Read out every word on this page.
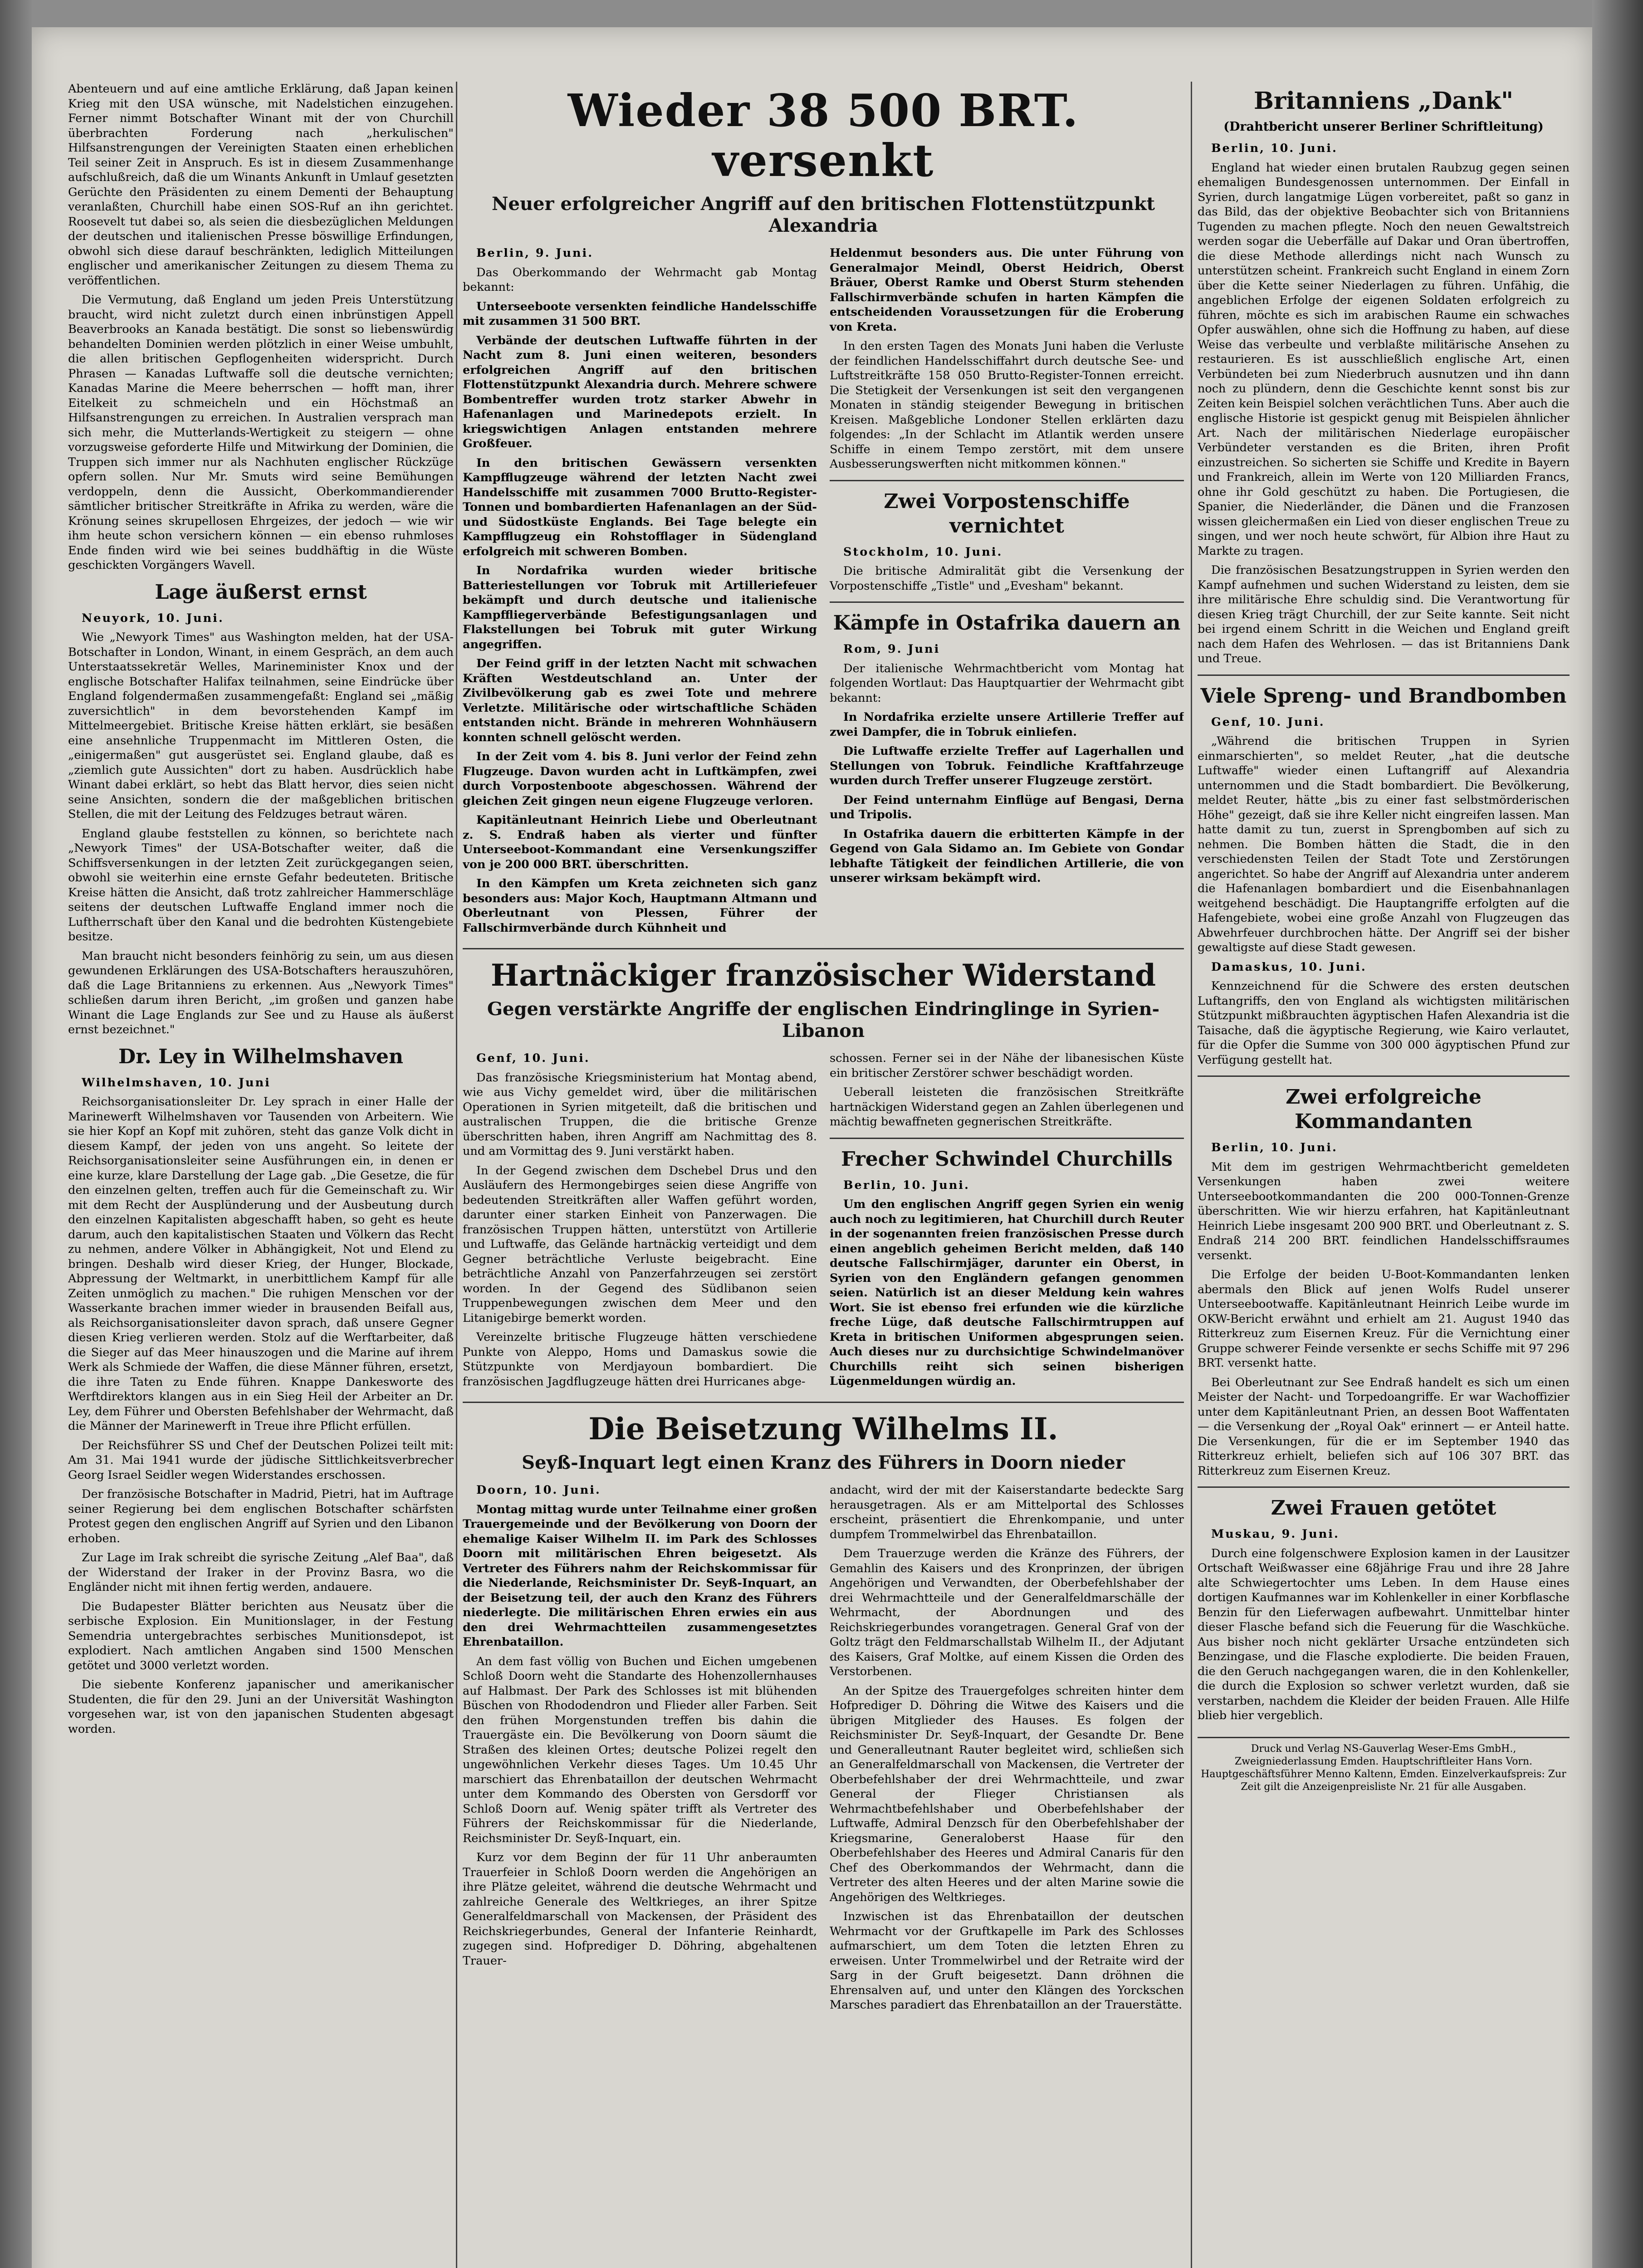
Abenteuern und auf eine amtliche Erklärung, daß Japan keinen Krieg mit den USA wünsche, mit Nadelstichen einzugehen. Ferner nimmt Botschafter Winant mit der von Churchill überbrachten Forderung nach „herkulischen" Hilfsanstrengungen der Vereinigten Staaten einen erheblichen Teil seiner Zeit in Anspruch. Es ist in diesem Zusammenhange aufschlußreich, daß die um Winants Ankunft in Umlauf gesetzten Gerüchte den Präsidenten zu einem Dementi der Behauptung veranlaßten, Churchill habe einen SOS-Ruf an ihn gerichtet. Roosevelt tut dabei so, als seien die diesbezüglichen Meldungen der deutschen und italienischen Presse böswillige Erfindungen, obwohl sich diese darauf beschränkten, lediglich Mitteilungen englischer und amerikanischer Zeitungen zu diesem Thema zu veröffentlichen.

Die Vermutung, daß England um jeden Preis Unterstützung braucht, wird nicht zuletzt durch einen inbrünstigen Appell Beaverbrooks an Kanada bestätigt. Die sonst so liebenswürdig behandelten Dominien werden plötzlich in einer Weise umbuhlt, die allen britischen Gepflogenheiten widerspricht. Durch Phrasen — Kanadas Luftwaffe soll die deutsche vernichten; Kanadas Marine die Meere beherrschen — hofft man, ihrer Eitelkeit zu schmeicheln und ein Höchstmaß an Hilfsanstrengungen zu erreichen. In Australien versprach man sich mehr, die Mutterlands-Wertigkeit zu steigern — ohne vorzugsweise geforderte Hilfe und Mitwirkung der Dominien, die Truppen sich immer nur als Nachhuten englischer Rückzüge opfern sollen. Nur Mr. Smuts wird seine Bemühungen verdoppeln, denn die Aussicht, Oberkommandierender sämtlicher britischer Streitkräfte in Afrika zu werden, wäre die Krönung seines skrupellosen Ehrgeizes, der jedoch — wie wir ihm heute schon versichern können — ein ebenso ruhmloses Ende finden wird wie bei seines buddhäftig in die Wüste geschickten Vorgängers Wavell.

Lage äußerst ernst

Neuyork, 10. Juni.

Wie „Newyork Times" aus Washington melden, hat der USA-Botschafter in London, Winant, in einem Gespräch, an dem auch Unterstaatssekretär Welles, Marineminister Knox und der englische Botschafter Halifax teilnahmen, seine Eindrücke über England folgendermaßen zusammengefaßt: England sei „mäßig zuversichtlich" in dem bevorstehenden Kampf im Mittelmeergebiet. Britische Kreise hätten erklärt, sie besäßen eine ansehnliche Truppenmacht im Mittleren Osten, die „einigermaßen" gut ausgerüstet sei. England glaube, daß es „ziemlich gute Aussichten" dort zu haben. Ausdrücklich habe Winant dabei erklärt, so hebt das Blatt hervor, dies seien nicht seine Ansichten, sondern die der maßgeblichen britischen Stellen, die mit der Leitung des Feldzuges betraut wären.

England glaube feststellen zu können, so berichtete nach „Newyork Times" der USA-Botschafter weiter, daß die Schiffsversenkungen in der letzten Zeit zurückgegangen seien, obwohl sie weiterhin eine ernste Gefahr bedeuteten. Britische Kreise hätten die Ansicht, daß trotz zahlreicher Hammerschläge seitens der deutschen Luftwaffe England immer noch die Luftherrschaft über den Kanal und die bedrohten Küstengebiete besitze.

Man braucht nicht besonders feinhörig zu sein, um aus diesen gewundenen Erklärungen des USA-Botschafters herauszuhören, daß die Lage Britanniens zu erkennen. Aus „Newyork Times" schließen darum ihren Bericht, „im großen und ganzen habe Winant die Lage Englands zur See und zu Hause als äußerst ernst bezeichnet."

Dr. Ley in Wilhelmshaven

Wilhelmshaven, 10. Juni

Reichsorganisationsleiter Dr. Ley sprach in einer Halle der Marinewerft Wilhelmshaven vor Tausenden von Arbeitern. Wie sie hier Kopf an Kopf mit zuhören, steht das ganze Volk dicht in diesem Kampf, der jeden von uns angeht. So leitete der Reichsorganisationsleiter seine Ausführungen ein, in denen er eine kurze, klare Darstellung der Lage gab. „Die Gesetze, die für den einzelnen gelten, treffen auch für die Gemeinschaft zu. Wir mit dem Recht der Ausplünderung und der Ausbeutung durch den einzelnen Kapitalisten abgeschafft haben, so geht es heute darum, auch den kapitalistischen Staaten und Völkern das Recht zu nehmen, andere Völker in Abhängigkeit, Not und Elend zu bringen. Deshalb wird dieser Krieg, der Hunger, Blockade, Abpressung der Weltmarkt, in unerbittlichem Kampf für alle Zeiten unmöglich zu machen." Die ruhigen Menschen vor der Wasserkante brachen immer wieder in brausenden Beifall aus, als Reichsorganisationsleiter davon sprach, daß unsere Gegner diesen Krieg verlieren werden. Stolz auf die Werftarbeiter, daß die Sieger auf das Meer hinauszogen und die Marine auf ihrem Werk als Schmiede der Waffen, die diese Männer führen, ersetzt, die ihre Taten zu Ende führen. Knappe Dankesworte des Werftdirektors klangen aus in ein Sieg Heil der Arbeiter an Dr. Ley, dem Führer und Obersten Befehlshaber der Wehrmacht, daß die Männer der Marinewerft in Treue ihre Pflicht erfüllen.

Der Reichsführer SS und Chef der Deutschen Polizei teilt mit: Am 31. Mai 1941 wurde der jüdische Sittlichkeitsverbrecher Georg Israel Seidler wegen Widerstandes erschossen.

Der französische Botschafter in Madrid, Pietri, hat im Auftrage seiner Regierung bei dem englischen Botschafter schärfsten Protest gegen den englischen Angriff auf Syrien und den Libanon erhoben.

Zur Lage im Irak schreibt die syrische Zeitung „Alef Baa", daß der Widerstand der Iraker in der Provinz Basra, wo die Engländer nicht mit ihnen fertig werden, andauere.

Die Budapester Blätter berichten aus Neusatz über die serbische Explosion. Ein Munitionslager, in der Festung Semendria untergebrachtes serbisches Munitionsdepot, ist explodiert. Nach amtlichen Angaben sind 1500 Menschen getötet und 3000 verletzt worden.

Die siebente Konferenz japanischer und amerikanischer Studenten, die für den 29. Juni an der Universität Washington vorgesehen war, ist von den japanischen Studenten abgesagt worden.

Wieder 38 500 BRT. versenkt
Neuer erfolgreicher Angriff auf den britischen Flottenstützpunkt Alexandria

Berlin, 9. Juni.

Das Oberkommando der Wehrmacht gab Montag bekannt:

Unterseeboote versenkten feindliche Handelsschiffe mit zusammen 31 500 BRT.

Verbände der deutschen Luftwaffe führten in der Nacht zum 8. Juni einen weiteren, besonders erfolgreichen Angriff auf den britischen Flottenstützpunkt Alexandria durch. Mehrere schwere Bombentreffer wurden trotz starker Abwehr in Hafenanlagen und Marinedepots erzielt. In kriegswichtigen Anlagen entstanden mehrere Großfeuer.

In den britischen Gewässern versenkten Kampfflugzeuge während der letzten Nacht zwei Handelsschiffe mit zusammen 7000 Brutto-Register-Tonnen und bombardierten Hafenanlagen an der Süd- und Südostküste Englands. Bei Tage belegte ein Kampfflugzeug ein Rohstofflager in Südengland erfolgreich mit schweren Bomben.

In Nordafrika wurden wieder britische Batteriestellungen vor Tobruk mit Artilleriefeuer bekämpft und durch deutsche und italienische Kampffliegerverbände Befestigungsanlagen und Flakstellungen bei Tobruk mit guter Wirkung angegriffen.

Der Feind griff in der letzten Nacht mit schwachen Kräften Westdeutschland an. Unter der Zivilbevölkerung gab es zwei Tote und mehrere Verletzte. Militärische oder wirtschaftliche Schäden entstanden nicht. Brände in mehreren Wohnhäusern konnten schnell gelöscht werden.

In der Zeit vom 4. bis 8. Juni verlor der Feind zehn Flugzeuge. Davon wurden acht in Luftkämpfen, zwei durch Vorpostenboote abgeschossen. Während der gleichen Zeit gingen neun eigene Flugzeuge verloren.

Kapitänleutnant Heinrich Liebe und Oberleutnant z. S. Endraß haben als vierter und fünfter Unterseeboot-Kommandant eine Versenkungsziffer von je 200 000 BRT. überschritten.

In den Kämpfen um Kreta zeichneten sich ganz besonders aus: Major Koch, Hauptmann Altmann und Oberleutnant von Plessen, Führer der Fallschirmverbände durch Kühnheit und

Heldenmut besonders aus. Die unter Führung von Generalmajor Meindl, Oberst Heidrich, Oberst Bräuer, Oberst Ramke und Oberst Sturm stehenden Fallschirmverbände schufen in harten Kämpfen die entscheidenden Voraussetzungen für die Eroberung von Kreta.

In den ersten Tagen des Monats Juni haben die Verluste der feindlichen Handelsschiffahrt durch deutsche See- und Luftstreitkräfte 158 050 Brutto-Register-Tonnen erreicht. Die Stetigkeit der Versenkungen ist seit den vergangenen Monaten in ständig steigender Bewegung in britischen Kreisen. Maßgebliche Londoner Stellen erklärten dazu folgendes: „In der Schlacht im Atlantik werden unsere Schiffe in einem Tempo zerstört, mit dem unsere Ausbesserungswerften nicht mitkommen können."

Zwei Vorpostenschiffe vernichtet

Stockholm, 10. Juni.

Die britische Admiralität gibt die Versenkung der Vorpostenschiffe „Tistle" und „Evesham" bekannt.

Kämpfe in Ostafrika dauern an

Rom, 9. Juni

Der italienische Wehrmachtbericht vom Montag hat folgenden Wortlaut: Das Hauptquartier der Wehrmacht gibt bekannt:

In Nordafrika erzielte unsere Artillerie Treffer auf zwei Dampfer, die in Tobruk einliefen.

Die Luftwaffe erzielte Treffer auf Lagerhallen und Stellungen von Tobruk. Feindliche Kraftfahrzeuge wurden durch Treffer unserer Flugzeuge zerstört.

Der Feind unternahm Einflüge auf Bengasi, Derna und Tripolis.

In Ostafrika dauern die erbitterten Kämpfe in der Gegend von Gala Sidamo an. Im Gebiete von Gondar lebhafte Tätigkeit der feindlichen Artillerie, die von unserer wirksam bekämpft wird.

Hartnäckiger französischer Widerstand
Gegen verstärkte Angriffe der englischen Eindringlinge in Syrien-Libanon

Genf, 10. Juni.

Das französische Kriegsministerium hat Montag abend, wie aus Vichy gemeldet wird, über die militärischen Operationen in Syrien mitgeteilt, daß die britischen und australischen Truppen, die die britische Grenze überschritten haben, ihren Angriff am Nachmittag des 8. und am Vormittag des 9. Juni verstärkt haben.

In der Gegend zwischen dem Dschebel Drus und den Ausläufern des Hermongebirges seien diese Angriffe von bedeutenden Streitkräften aller Waffen geführt worden, darunter einer starken Einheit von Panzerwagen. Die französischen Truppen hätten, unterstützt von Artillerie und Luftwaffe, das Gelände hartnäckig verteidigt und dem Gegner beträchtliche Verluste beigebracht. Eine beträchtliche Anzahl von Panzerfahrzeugen sei zerstört worden. In der Gegend des Südlibanon seien Truppenbewegungen zwischen dem Meer und den Litanigebirge bemerkt worden.

Vereinzelte britische Flugzeuge hätten verschiedene Punkte von Aleppo, Homs und Damaskus sowie die Stützpunkte von Merdjayoun bombardiert. Die französischen Jagdflugzeuge hätten drei Hurricanes abge-

schossen. Ferner sei in der Nähe der libanesischen Küste ein britischer Zerstörer schwer beschädigt worden.

Ueberall leisteten die französischen Streitkräfte hartnäckigen Widerstand gegen an Zahlen überlegenen und mächtig bewaffneten gegnerischen Streitkräfte.

Frecher Schwindel Churchills

Berlin, 10. Juni.

Um den englischen Angriff gegen Syrien ein wenig auch noch zu legitimieren, hat Churchill durch Reuter in der sogenannten freien französischen Presse durch einen angeblich geheimen Bericht melden, daß 140 deutsche Fallschirmjäger, darunter ein Oberst, in Syrien von den Engländern gefangen genommen seien. Natürlich ist an dieser Meldung kein wahres Wort. Sie ist ebenso frei erfunden wie die kürzliche freche Lüge, daß deutsche Fallschirmtruppen auf Kreta in britischen Uniformen abgesprungen seien. Auch dieses nur zu durchsichtige Schwindelmanöver Churchills reiht sich seinen bisherigen Lügenmeldungen würdig an.

Die Beisetzung Wilhelms II.
Seyß-Inquart legt einen Kranz des Führers in Doorn nieder

Doorn, 10. Juni.

Montag mittag wurde unter Teilnahme einer großen Trauergemeinde und der Bevölkerung von Doorn der ehemalige Kaiser Wilhelm II. im Park des Schlosses Doorn mit militärischen Ehren beigesetzt. Als Vertreter des Führers nahm der Reichskommissar für die Niederlande, Reichsminister Dr. Seyß-Inquart, an der Beisetzung teil, der auch den Kranz des Führers niederlegte. Die militärischen Ehren erwies ein aus den drei Wehrmachtteilen zusammengesetztes Ehrenbataillon.

An dem fast völlig von Buchen und Eichen umgebenen Schloß Doorn weht die Standarte des Hohenzollernhauses auf Halbmast. Der Park des Schlosses ist mit blühenden Büschen von Rhododendron und Flieder aller Farben. Seit den frühen Morgenstunden treffen bis dahin die Trauergäste ein. Die Bevölkerung von Doorn säumt die Straßen des kleinen Ortes; deutsche Polizei regelt den ungewöhnlichen Verkehr dieses Tages. Um 10.45 Uhr marschiert das Ehrenbataillon der deutschen Wehrmacht unter dem Kommando des Obersten von Gersdorff vor Schloß Doorn auf. Wenig später trifft als Vertreter des Führers der Reichskommissar für die Niederlande, Reichsminister Dr. Seyß-Inquart, ein.

Kurz vor dem Beginn der für 11 Uhr anberaumten Trauerfeier in Schloß Doorn werden die Angehörigen an ihre Plätze geleitet, während die deutsche Wehrmacht und zahlreiche Generale des Weltkrieges, an ihrer Spitze Generalfeldmarschall von Mackensen, der Präsident des Reichskriegerbundes, General der Infanterie Reinhardt, zugegen sind. Hofprediger D. Döhring, abgehaltenen Trauer-

andacht, wird der mit der Kaiserstandarte bedeckte Sarg herausgetragen. Als er am Mittelportal des Schlosses erscheint, präsentiert die Ehrenkompanie, und unter dumpfem Trommelwirbel das Ehrenbataillon.

Dem Trauerzuge werden die Kränze des Führers, der Gemahlin des Kaisers und des Kronprinzen, der übrigen Angehörigen und Verwandten, der Oberbefehlshaber der drei Wehrmachtteile und der Generalfeldmarschälle der Wehrmacht, der Abordnungen und des Reichskriegerbundes vorangetragen. General Graf von der Goltz trägt den Feldmarschallstab Wilhelm II., der Adjutant des Kaisers, Graf Moltke, auf einem Kissen die Orden des Verstorbenen.

An der Spitze des Trauergefolges schreiten hinter dem Hofprediger D. Döhring die Witwe des Kaisers und die übrigen Mitglieder des Hauses. Es folgen der Reichsminister Dr. Seyß-Inquart, der Gesandte Dr. Bene und Generalleutnant Rauter begleitet wird, schließen sich an Generalfeldmarschall von Mackensen, die Vertreter der Oberbefehlshaber der drei Wehrmachtteile, und zwar General der Flieger Christiansen als Wehrmachtbefehlshaber und Oberbefehlshaber der Luftwaffe, Admiral Denzsch für den Oberbefehlshaber der Kriegsmarine, Generaloberst Haase für den Oberbefehlshaber des Heeres und Admiral Canaris für den Chef des Oberkommandos der Wehrmacht, dann die Vertreter des alten Heeres und der alten Marine sowie die Angehörigen des Weltkrieges.

Inzwischen ist das Ehrenbataillon der deutschen Wehrmacht vor der Gruftkapelle im Park des Schlosses aufmarschiert, um dem Toten die letzten Ehren zu erweisen. Unter Trommelwirbel und der Retraite wird der Sarg in der Gruft beigesetzt. Dann dröhnen die Ehrensalven auf, und unter den Klängen des Yorckschen Marsches paradiert das Ehrenbataillon an der Trauerstätte.

Britanniens „Dank"
(Drahtbericht unserer Berliner Schriftleitung)

Berlin, 10. Juni.

England hat wieder einen brutalen Raubzug gegen seinen ehemaligen Bundesgenossen unternommen. Der Einfall in Syrien, durch langatmige Lügen vorbereitet, paßt so ganz in das Bild, das der objektive Beobachter sich von Britanniens Tugenden zu machen pflegte. Noch den neuen Gewaltstreich werden sogar die Ueberfälle auf Dakar und Oran übertroffen, die diese Methode allerdings nicht nach Wunsch zu unterstützen scheint. Frankreich sucht England in einem Zorn über die Kette seiner Niederlagen zu führen. Unfähig, die angeblichen Erfolge der eigenen Soldaten erfolgreich zu führen, möchte es sich im arabischen Raume ein schwaches Opfer auswählen, ohne sich die Hoffnung zu haben, auf diese Weise das verbeulte und verblaßte militärische Ansehen zu restaurieren. Es ist ausschließlich englische Art, einen Verbündeten bei zum Niederbruch ausnutzen und ihn dann noch zu plündern, denn die Geschichte kennt sonst bis zur Zeiten kein Beispiel solchen verächtlichen Tuns. Aber auch die englische Historie ist gespickt genug mit Beispielen ähnlicher Art. Nach der militärischen Niederlage europäischer Verbündeter verstanden es die Briten, ihren Profit einzustreichen. So sicherten sie Schiffe und Kredite in Bayern und Frankreich, allein im Werte von 120 Milliarden Francs, ohne ihr Gold geschützt zu haben. Die Portugiesen, die Spanier, die Niederländer, die Dänen und die Franzosen wissen gleichermaßen ein Lied von dieser englischen Treue zu singen, und wer noch heute schwört, für Albion ihre Haut zu Markte zu tragen.

Die französischen Besatzungstruppen in Syrien werden den Kampf aufnehmen und suchen Widerstand zu leisten, dem sie ihre militärische Ehre schuldig sind. Die Verantwortung für diesen Krieg trägt Churchill, der zur Seite kannte. Seit nicht bei irgend einem Schritt in die Weichen und England greift nach dem Hafen des Wehrlosen. — das ist Britanniens Dank und Treue.

Viele Spreng- und Brandbomben

Genf, 10. Juni.

„Während die britischen Truppen in Syrien einmarschierten", so meldet Reuter, „hat die deutsche Luftwaffe" wieder einen Luftangriff auf Alexandria unternommen und die Stadt bombardiert. Die Bevölkerung, meldet Reuter, hätte „bis zu einer fast selbstmörderischen Höhe" gezeigt, daß sie ihre Keller nicht eingreifen lassen. Man hatte damit zu tun, zuerst in Sprengbomben auf sich zu nehmen. Die Bomben hätten die Stadt, die in den verschiedensten Teilen der Stadt Tote und Zerstörungen angerichtet. So habe der Angriff auf Alexandria unter anderem die Hafenanlagen bombardiert und die Eisenbahnanlagen weitgehend beschädigt. Die Hauptangriffe erfolgten auf die Hafengebiete, wobei eine große Anzahl von Flugzeugen das Abwehrfeuer durchbrochen hätte. Der Angriff sei der bisher gewaltigste auf diese Stadt gewesen.

Damaskus, 10. Juni.

Kennzeichnend für die Schwere des ersten deutschen Luftangriffs, den von England als wichtigsten militärischen Stützpunkt mißbrauchten ägyptischen Hafen Alexandria ist die Taisache, daß die ägyptische Regierung, wie Kairo verlautet, für die Opfer die Summe von 300 000 ägyptischen Pfund zur Verfügung gestellt hat.

Zwei erfolgreiche Kommandanten

Berlin, 10. Juni.

Mit dem im gestrigen Wehrmachtbericht gemeldeten Versenkungen haben zwei weitere Unterseebootkommandanten die 200 000-Tonnen-Grenze überschritten. Wie wir hierzu erfahren, hat Kapitänleutnant Heinrich Liebe insgesamt 200 900 BRT. und Oberleutnant z. S. Endraß 214 200 BRT. feindlichen Handelsschiffsraumes versenkt.

Die Erfolge der beiden U-Boot-Kommandanten lenken abermals den Blick auf jenen Wolfs Rudel unserer Unterseebootwaffe. Kapitänleutnant Heinrich Leibe wurde im OKW-Bericht erwähnt und erhielt am 21. August 1940 das Ritterkreuz zum Eisernen Kreuz. Für die Vernichtung einer Gruppe schwerer Feinde versenkte er sechs Schiffe mit 97 296 BRT. versenkt hatte.

Bei Oberleutnant zur See Endraß handelt es sich um einen Meister der Nacht- und Torpedoangriffe. Er war Wachoffizier unter dem Kapitänleutnant Prien, an dessen Boot Waffentaten — die Versenkung der „Royal Oak" erinnert — er Anteil hatte. Die Versenkungen, für die er im September 1940 das Ritterkreuz erhielt, beliefen sich auf 106 307 BRT. das Ritterkreuz zum Eisernen Kreuz.

Zwei Frauen getötet

Muskau, 9. Juni.

Durch eine folgenschwere Explosion kamen in der Lausitzer Ortschaft Weißwasser eine 68jährige Frau und ihre 28 Jahre alte Schwiegertochter ums Leben. In dem Hause eines dortigen Kaufmannes war im Kohlenkeller in einer Korbflasche Benzin für den Lieferwagen aufbewahrt. Unmittelbar hinter dieser Flasche befand sich die Feuerung für die Waschküche. Aus bisher noch nicht geklärter Ursache entzündeten sich Benzingase, und die Flasche explodierte. Die beiden Frauen, die den Geruch nachgegangen waren, die in den Kohlenkeller, die durch die Explosion so schwer verletzt wurden, daß sie verstarben, nachdem die Kleider der beiden Frauen. Alle Hilfe blieb hier vergeblich.

Druck und Verlag NS-Gauverlag Weser-Ems GmbH.,
Zweigniederlassung Emden. Hauptschriftleiter Hans Vorn.
Hauptgeschäftsführer Menno Kaltenn, Emden. Einzelverkaufspreis: Zur
Zeit gilt die Anzeigenpreisliste Nr. 21 für alle Ausgaben.
